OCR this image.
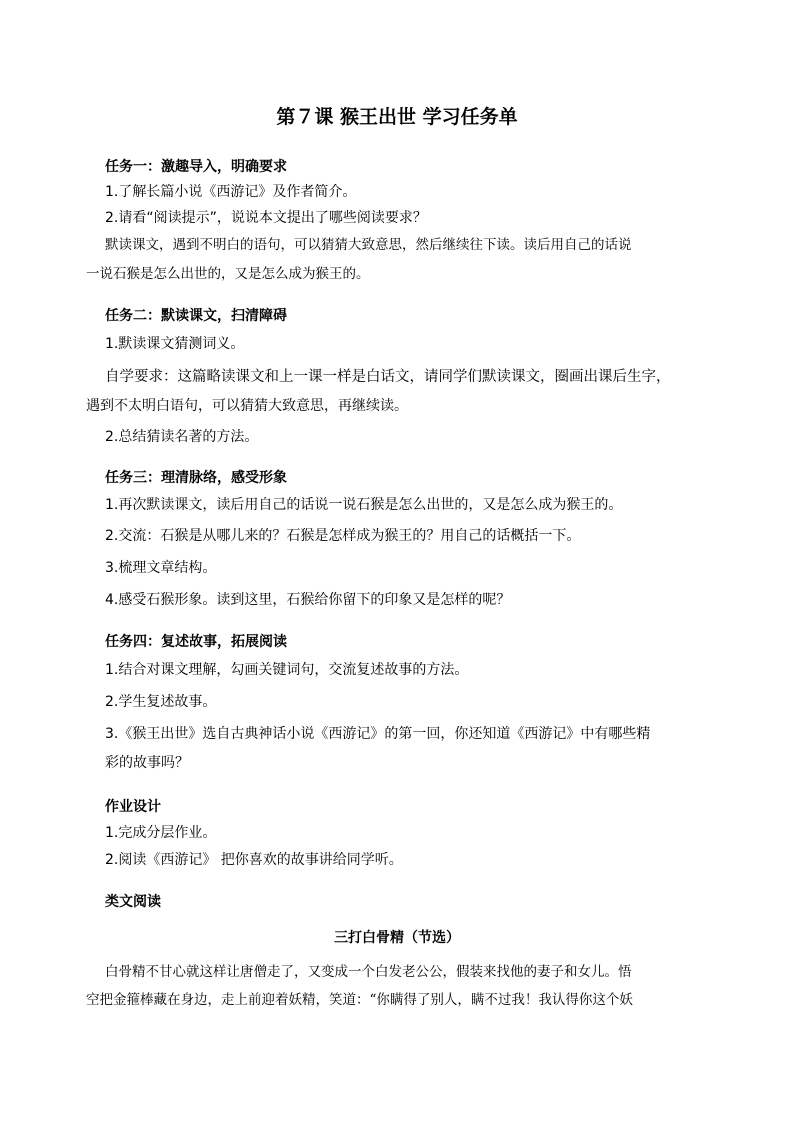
第７课 猴王出世 学习任务单
任务一：激趣导入，明确要求
1.了解长篇小说《西游记》及作者简介。
2.请看“阅读提示”，说说本文提出了哪些阅读要求？
默读课文，遇到不明白的语句，可以猜猜大致意思，然后继续往下读。读后用自己的话说
一说石猴是怎么出世的，又是怎么成为猴王的。
任务二：默读课文，扫清障碍
1.默读课文猜测词义。
自学要求：这篇略读课文和上一课一样是白话文，请同学们默读课文，圈画出课后生字，
遇到不太明白语句，可以猜猜大致意思，再继续读。
2.总结猜读名著的方法。
任务三：理清脉络，感受形象
1.再次默读课文，读后用自己的话说一说石猴是怎么出世的，又是怎么成为猴王的。
2.交流：石猴是从哪儿来的？石猴是怎样成为猴王的？用自己的话概括一下。
3.梳理文章结构。
4.感受石猴形象。读到这里，石猴给你留下的印象又是怎样的呢？
任务四：复述故事，拓展阅读
1.结合对课文理解，勾画关键词句，交流复述故事的方法。
2.学生复述故事。
3.《猴王出世》选自古典神话小说《西游记》的第一回，你还知道《西游记》中有哪些精
彩的故事吗？
作业设计
1.完成分层作业。
2.阅读《西游记》 把你喜欢的故事讲给同学听。
类文阅读
三打白骨精（节选）
白骨精不甘心就这样让唐僧走了，又变成一个白发老公公，假装来找他的妻子和女儿。悟
空把金箍棒藏在身边，走上前迎着妖精，笑道：“你瞒得了别人，瞒不过我！我认得你这个妖
